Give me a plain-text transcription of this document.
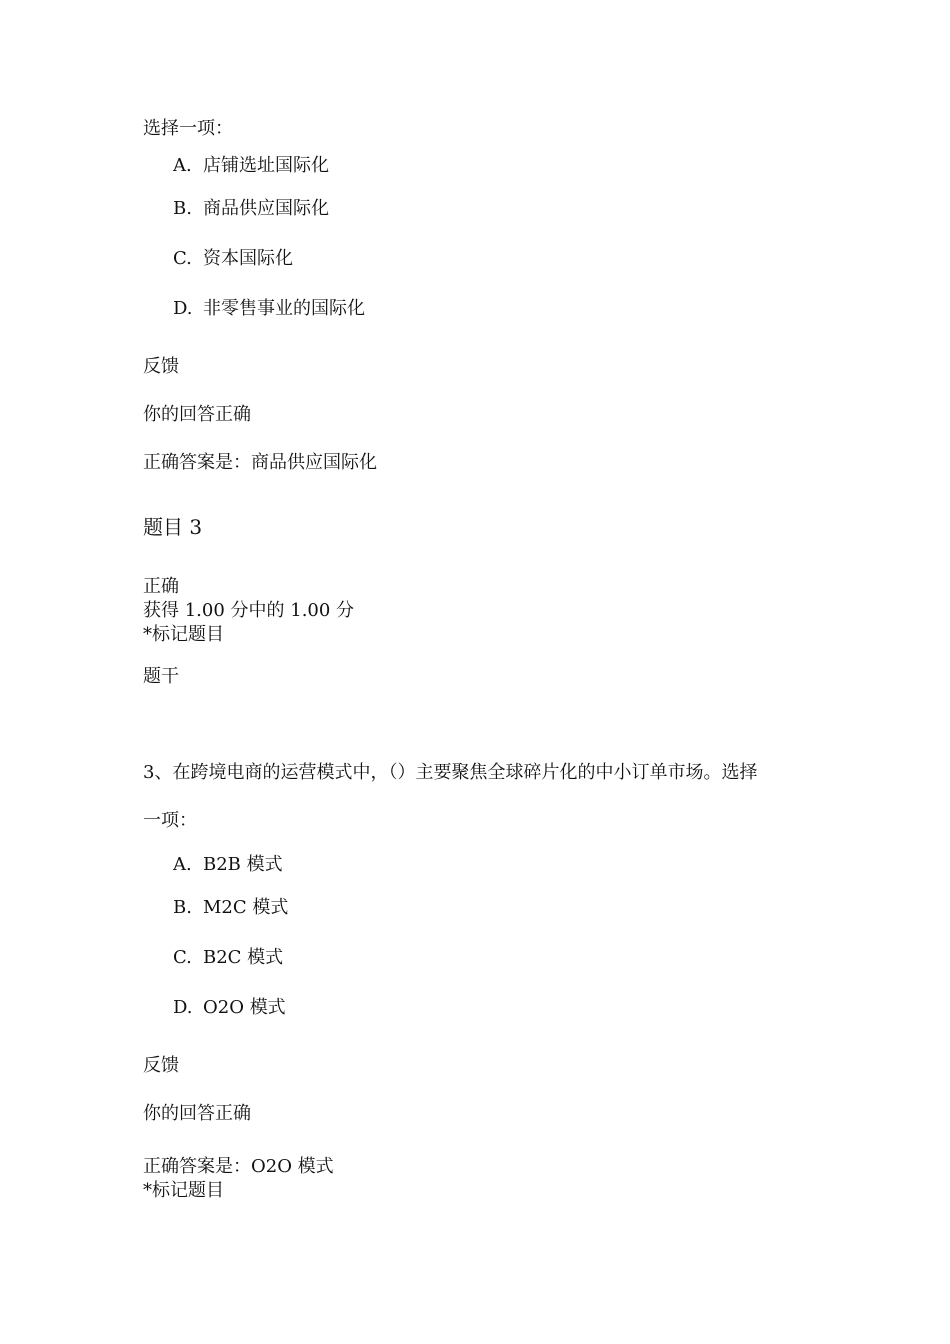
选择一项：
A. 店铺选址国际化
B. 商品供应国际化
C. 资本国际化
D. 非零售事业的国际化
反馈
你的回答正确
正确答案是：商品供应国际化
题目 3
正确
获得 1.00 分中的 1.00 分
*标记题目
题干
3、在跨境电商的运营模式中，（）主要聚焦全球碎片化的中小订单市场。选择
一项：
A. B2B 模式
B. M2C 模式
C. B2C 模式
D. O2O 模式
反馈
你的回答正确
正确答案是：O2O 模式
*标记题目
